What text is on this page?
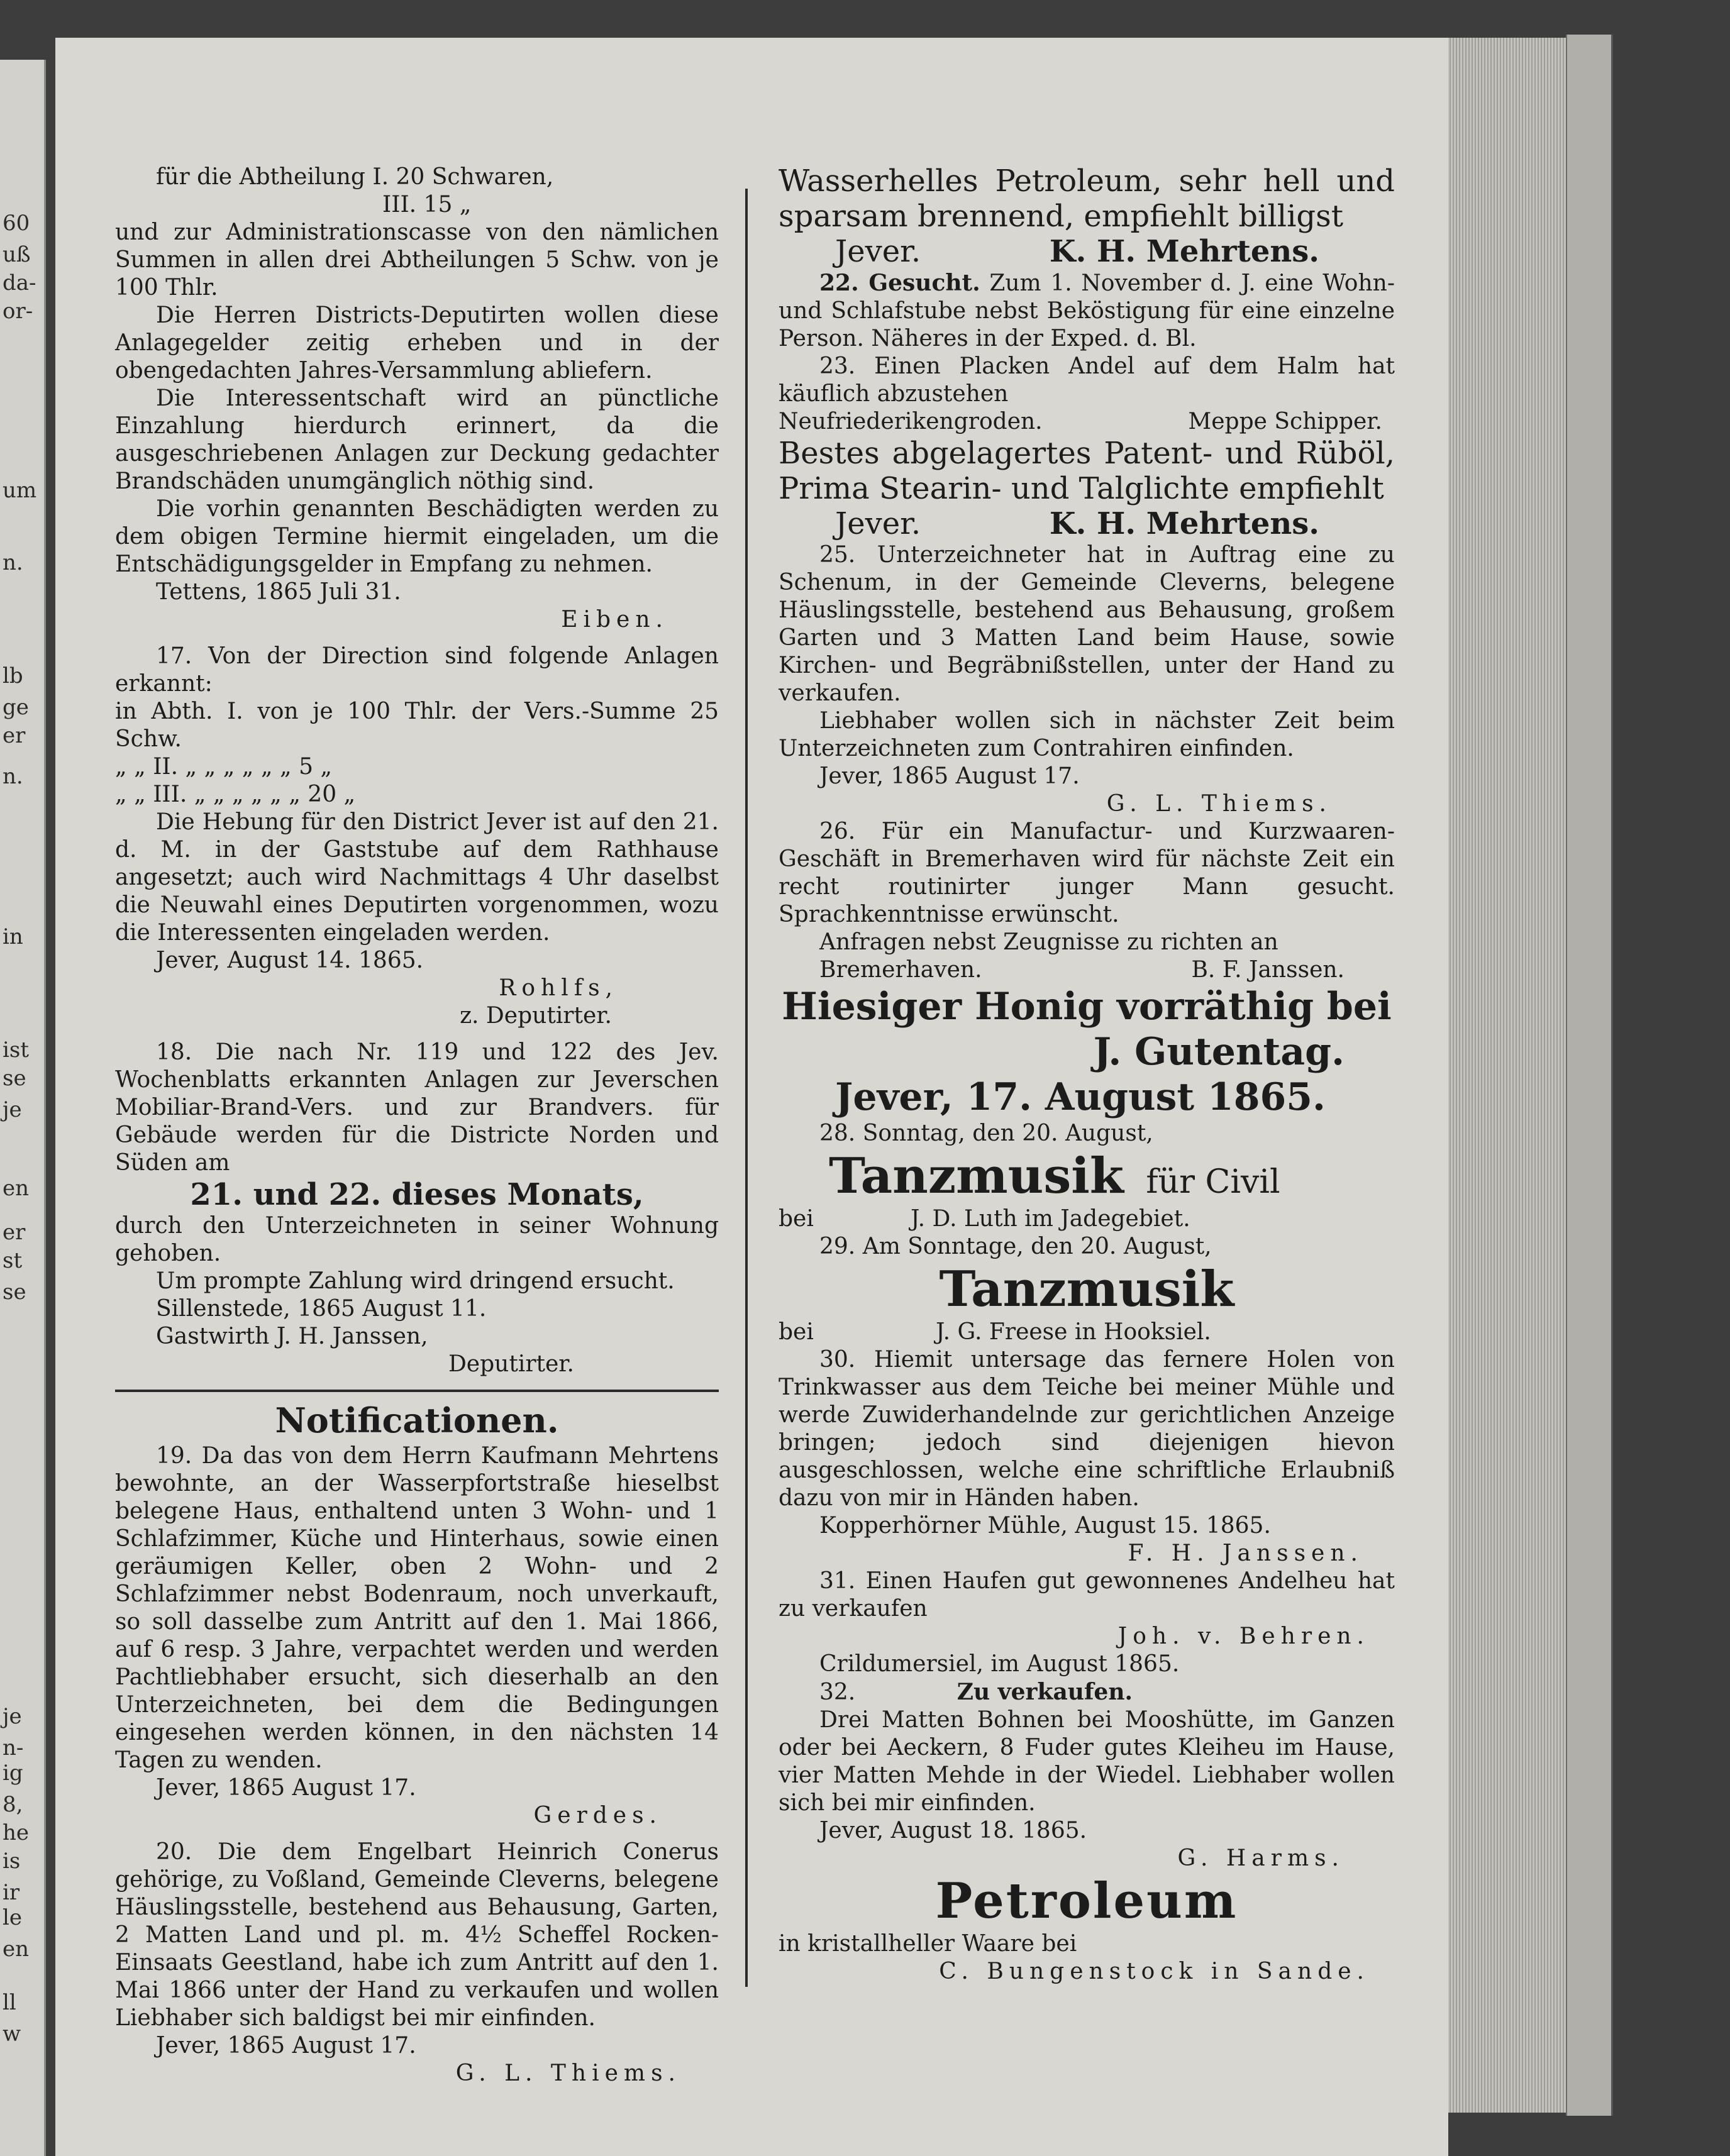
60
uß
da-
or-
um
n.
lb
ge
er
n.
in
ist
se
je
en
er
st
se
je
n-
ig
8,
he
is
ir
le
en
ll
w

für die Abtheilung I. 20 Schwaren,

III. 15 „

und zur Administrationscasse von den nämlichen Summen in allen drei Abtheilungen 5 Schw. von je 100 Thlr.

Die Herren Districts-Deputirten wollen diese Anlagegelder zeitig erheben und in der obengedachten Jahres-Versammlung abliefern.

Die Interessentschaft wird an pünctliche Einzahlung hierdurch erinnert, da die ausgeschriebenen Anlagen zur Deckung gedachter Brandschäden unumgänglich nöthig sind.

Die vorhin genannten Beschädigten werden zu dem obigen Termine hiermit eingeladen, um die Entschädigungsgelder in Empfang zu nehmen.

Tettens, 1865 Juli 31.

Eiben.

17. Von der Direction sind folgende Anlagen erkannt:

in Abth. I. von je 100 Thlr. der Vers.-Summe 25 Schw.

„ „ II. „ „ „ „ „ „ 5 „

„ „ III. „ „ „ „ „ „ 20 „

Die Hebung für den District Jever ist auf den 21. d. M. in der Gaststube auf dem Rathhause angesetzt; auch wird Nachmittags 4 Uhr daselbst die Neuwahl eines Deputirten vorgenommen, wozu die Interessenten eingeladen werden.

Jever, August 14. 1865.

Rohlfs,

z. Deputirter.

18. Die nach Nr. 119 und 122 des Jev. Wochenblatts erkannten Anlagen zur Jeverschen Mobiliar-Brand-Vers. und zur Brandvers. für Gebäude werden für die Districte Norden und Süden am

21. und 22. dieses Monats,

durch den Unterzeichneten in seiner Wohnung gehoben.

Um prompte Zahlung wird dringend ersucht.

Sillenstede, 1865 August 11.

Gastwirth J. H. Janssen,

Deputirter.

Notificationen.

19. Da das von dem Herrn Kaufmann Mehrtens bewohnte, an der Wasserpfortstraße hieselbst belegene Haus, enthaltend unten 3 Wohn- und 1 Schlafzimmer, Küche und Hinterhaus, sowie einen geräumigen Keller, oben 2 Wohn- und 2 Schlafzimmer nebst Bodenraum, noch unverkauft, so soll dasselbe zum Antritt auf den 1. Mai 1866, auf 6 resp. 3 Jahre, verpachtet werden und werden Pachtliebhaber ersucht, sich dieserhalb an den Unterzeichneten, bei dem die Bedingungen eingesehen werden können, in den nächsten 14 Tagen zu wenden.

Jever, 1865 August 17.

Gerdes.

20. Die dem Engelbart Heinrich Conerus gehörige, zu Voßland, Gemeinde Cleverns, belegene Häuslingsstelle, bestehend aus Behausung, Garten, 2 Matten Land und pl. m. 4½ Scheffel Rocken-Einsaats Geestland, habe ich zum Antritt auf den 1. Mai 1866 unter der Hand zu verkaufen und wollen Liebhaber sich baldigst bei mir einfinden.

Jever, 1865 August 17.

G. L. Thiems.

Wasserhelles Petroleum, sehr hell und sparsam brennend, empfiehlt billigst

Jever.	K. H. Mehrtens.

22. Gesucht. Zum 1. November d. J. eine Wohn- und Schlafstube nebst Beköstigung für eine einzelne Person. Näheres in der Exped. d. Bl.

23. Einen Placken Andel auf dem Halm hat käuflich abzustehen

Neufriederikengroden.	Meppe Schipper.

Bestes abgelagertes Patent- und Rüböl, Prima Stearin- und Talglichte empfiehlt

Jever.	K. H. Mehrtens.

25. Unterzeichneter hat in Auftrag eine zu Schenum, in der Gemeinde Cleverns, belegene Häuslingsstelle, bestehend aus Behausung, großem Garten und 3 Matten Land beim Hause, sowie Kirchen- und Begräbnißstellen, unter der Hand zu verkaufen.

Liebhaber wollen sich in nächster Zeit beim Unterzeichneten zum Contrahiren einfinden.

Jever, 1865 August 17.

G. L. Thiems.

26. Für ein Manufactur- und Kurzwaaren-Geschäft in Bremerhaven wird für nächste Zeit ein recht routinirter junger Mann gesucht. Sprachkenntnisse erwünscht.

Anfragen nebst Zeugnisse zu richten an

Bremerhaven.	B. F. Janssen.

Hiesiger Honig vorräthig bei

J. Gutentag.

Jever, 17. August 1865.

28. Sonntag, den 20. August,

Tanzmusik für Civil

bei	J. D. Luth im Jadegebiet.

29. Am Sonntage, den 20. August,

Tanzmusik

bei	J. G. Freese in Hooksiel.

30. Hiemit untersage das fernere Holen von Trinkwasser aus dem Teiche bei meiner Mühle und werde Zuwiderhandelnde zur gerichtlichen Anzeige bringen; jedoch sind diejenigen hievon ausgeschlossen, welche eine schriftliche Erlaubniß dazu von mir in Händen haben.

Kopperhörner Mühle, August 15. 1865.

F. H. Janssen.

31. Einen Haufen gut gewonnenes Andelheu hat zu verkaufen

Joh. v. Behren.

Crildumersiel, im August 1865.

32.	Zu verkaufen.

Drei Matten Bohnen bei Mooshütte, im Ganzen oder bei Aeckern, 8 Fuder gutes Kleiheu im Hause, vier Matten Mehde in der Wiedel. Liebhaber wollen sich bei mir einfinden.

Jever, August 18. 1865.

G. Harms.

Petroleum

in kristallheller Waare bei

C. Bungenstock in Sande.
